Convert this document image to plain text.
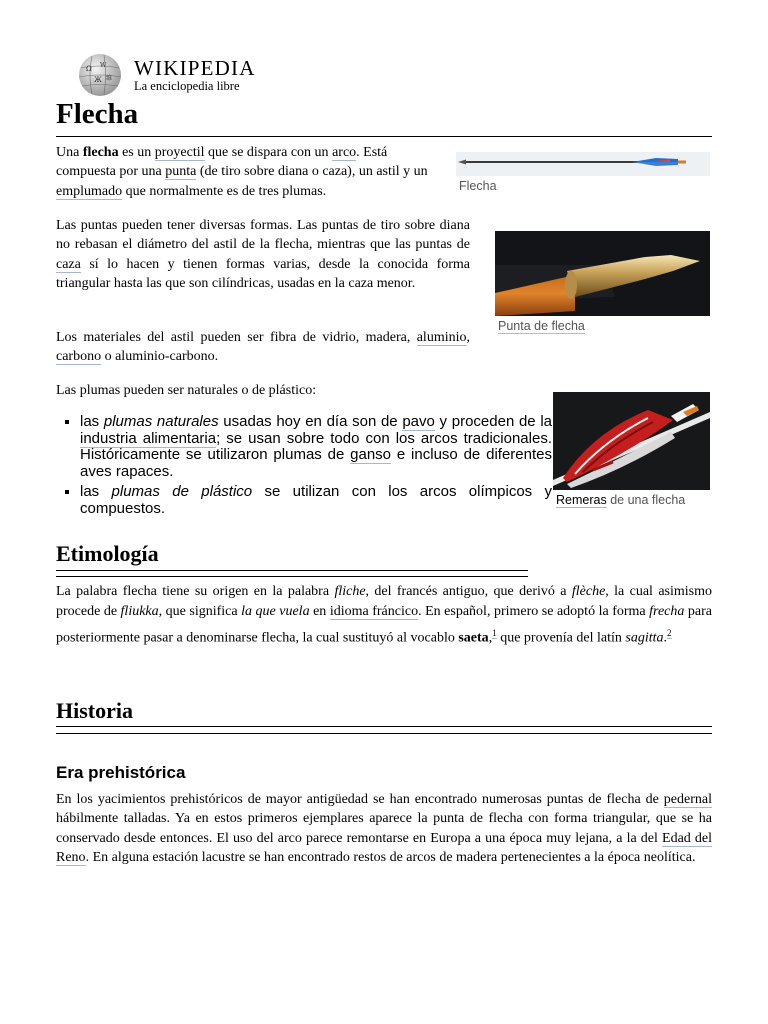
Ω W
Ж 維 WIKIPEDIA
La enciclopedia libre
Flecha

Una flecha es un proyectil que se dispara con un arco. Está compuesta por una punta (de tiro sobre diana o caza), un astil y un emplumado que normalmente es de tres plumas.	Flecha

Las puntas pueden tener diversas formas. Las puntas de tiro sobre diana no rebasan el diámetro del astil de la flecha, mientras que las puntas de caza sí lo hacen y tienen formas varias, desde la conocida forma triangular hasta las que son cilíndricas, usadas en la caza menor.

Punta de flecha

Los materiales del astil pueden ser fibra de vidrio, madera, aluminio, carbono o aluminio-carbono.

Las plumas pueden ser naturales o de plástico:

Remeras de una flecha
▪ las plumas naturales usadas hoy en día son de pavo y proceden de la industria alimentaria; se usan sobre todo con los arcos tradicionales. Históricamente se utilizaron plumas de ganso e incluso de diferentes aves rapaces.
▪ las plumas de plástico se utilizan con los arcos olímpicos y compuestos.
Etimología

La palabra flecha tiene su origen en la palabra fliche, del francés antiguo, que derivó a flèche, la cual asimismo procede de fliukka, que significa la que vuela en idioma fráncico. En español, primero se adoptó la forma frecha para posteriormente pasar a denominarse flecha, la cual sustituyó al vocablo saeta,$^1$ que provenía del latín sagitta.$^2$

Historia
Era prehistórica

En los yacimientos prehistóricos de mayor antigüedad se han encontrado numerosas puntas de flecha de pedernal hábilmente talladas. Ya en estos primeros ejemplares aparece la punta de flecha con forma triangular, que se ha conservado desde entonces. El uso del arco parece remontarse en Europa a una época muy lejana, a la del Edad del Reno. En alguna estación lacustre se han encontrado restos de arcos de madera pertenecientes a la época neolítica.
